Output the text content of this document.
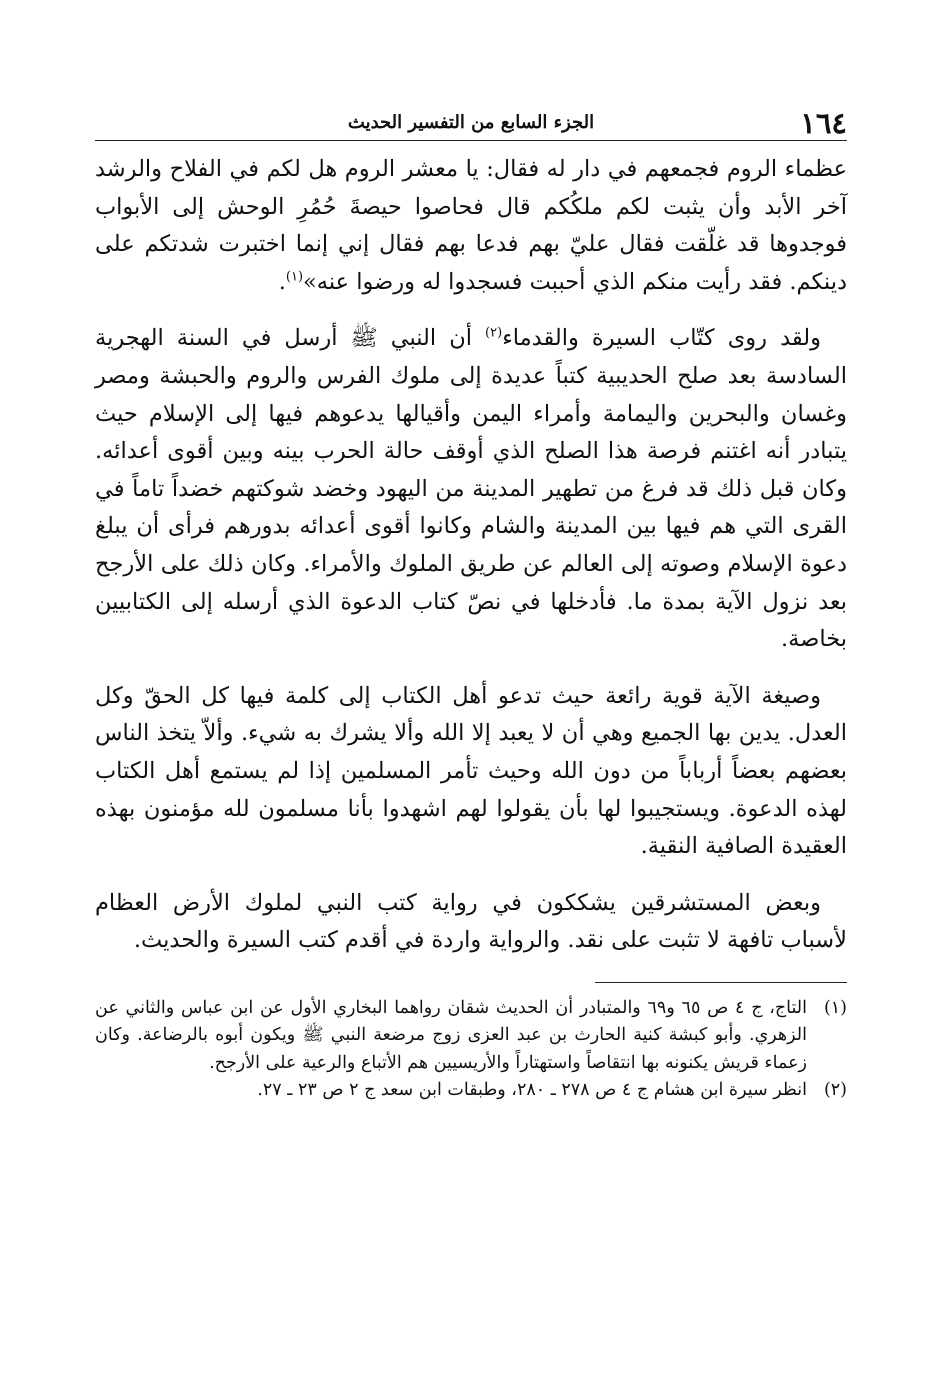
١٦٤
الجزء السابع من التفسير الحديث

عظماء الروم فجمعهم في دار له فقال: يا معشر الروم هل لكم في الفلاح والرشد آخر الأبد وأن يثبت لكم ملكُكم قال فحاصوا حيصةَ حُمُرِ الوحش إلى الأبواب فوجدوها قد غلّقت فقال عليّ بهم فدعا بهم فقال إني إنما اختبرت شدتكم على دينكم. فقد رأيت منكم الذي أحببت فسجدوا له ورضوا عنه»$^{(١)}$.

ولقد روى كتّاب السيرة والقدماء$^{(٢)}$ أن النبي ﷺ أرسل في السنة الهجرية السادسة بعد صلح الحديبية كتباً عديدة إلى ملوك الفرس والروم والحبشة ومصر وغسان والبحرين واليمامة وأمراء اليمن وأقيالها يدعوهم فيها إلى الإسلام حيث يتبادر أنه اغتنم فرصة هذا الصلح الذي أوقف حالة الحرب بينه وبين أقوى أعدائه. وكان قبل ذلك قد فرغ من تطهير المدينة من اليهود وخضد شوكتهم خضداً تاماً في القرى التي هم فيها بين المدينة والشام وكانوا أقوى أعدائه بدورهم فرأى أن يبلغ دعوة الإسلام وصوته إلى العالم عن طريق الملوك والأمراء. وكان ذلك على الأرجح بعد نزول الآية بمدة ما. فأدخلها في نصّ كتاب الدعوة الذي أرسله إلى الكتابيين بخاصة.

وصيغة الآية قوية رائعة حيث تدعو أهل الكتاب إلى كلمة فيها كل الحقّ وكل العدل. يدين بها الجميع وهي أن لا يعبد إلا الله وألا يشرك به شيء. وألاّ يتخذ الناس بعضهم بعضاً أرباباً من دون الله وحيث تأمر المسلمين إذا لم يستمع أهل الكتاب لهذه الدعوة. ويستجيبوا لها بأن يقولوا لهم اشهدوا بأنا مسلمون لله مؤمنون بهذه العقيدة الصافية النقية.

وبعض المستشرقين يشككون في رواية كتب النبي لملوك الأرض العظام لأسباب تافهة لا تثبت على نقد. والرواية واردة في أقدم كتب السيرة والحديث.

(١)
التاج، ج ٤ ص ٦٥ و٦٩ والمتبادر أن الحديث شقان رواهما البخاري الأول عن ابن عباس والثاني عن الزهري. وأبو كبشة كنية الحارث بن عبد العزى زوج مرضعة النبي ﷺ ويكون أبوه بالرضاعة. وكان زعماء قريش يكنونه بها انتقاصاً واستهتاراً والأريسيين هم الأتباع والرعية على الأرجح.
(٢)
انظر سيرة ابن هشام ج ٤ ص ٢٧٨ ـ ٢٨٠، وطبقات ابن سعد ج ٢ ص ٢٣ ـ ٢٧.
